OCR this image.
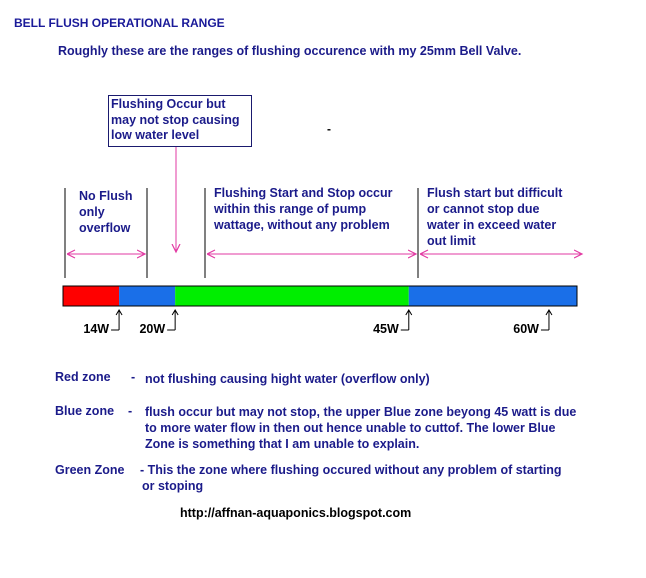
BELL FLUSH OPERATIONAL RANGE
Roughly these are the ranges of flushing occurence with my 25mm Bell Valve.
-
Flushing Occur but
may not stop causing
low water level
No Flush
only
overflow
Flushing Start and Stop occur
within this range of pump
wattage, without any problem
Flush start but difficult
or cannot stop due
water in exceed water
out limit
14W 20W	45W	60W
Red zone - not flushing causing hight water (overflow only)
Blue zone - flush occur but may not stop, the upper Blue zone beyong 45 watt is due
to more water flow in then out hence unable to cuttof. The lower Blue
Zone is something that I am unable to explain.
Green Zone - This the zone where flushing occured without any problem of starting
or stoping
http://affnan-aquaponics.blogspot.com
